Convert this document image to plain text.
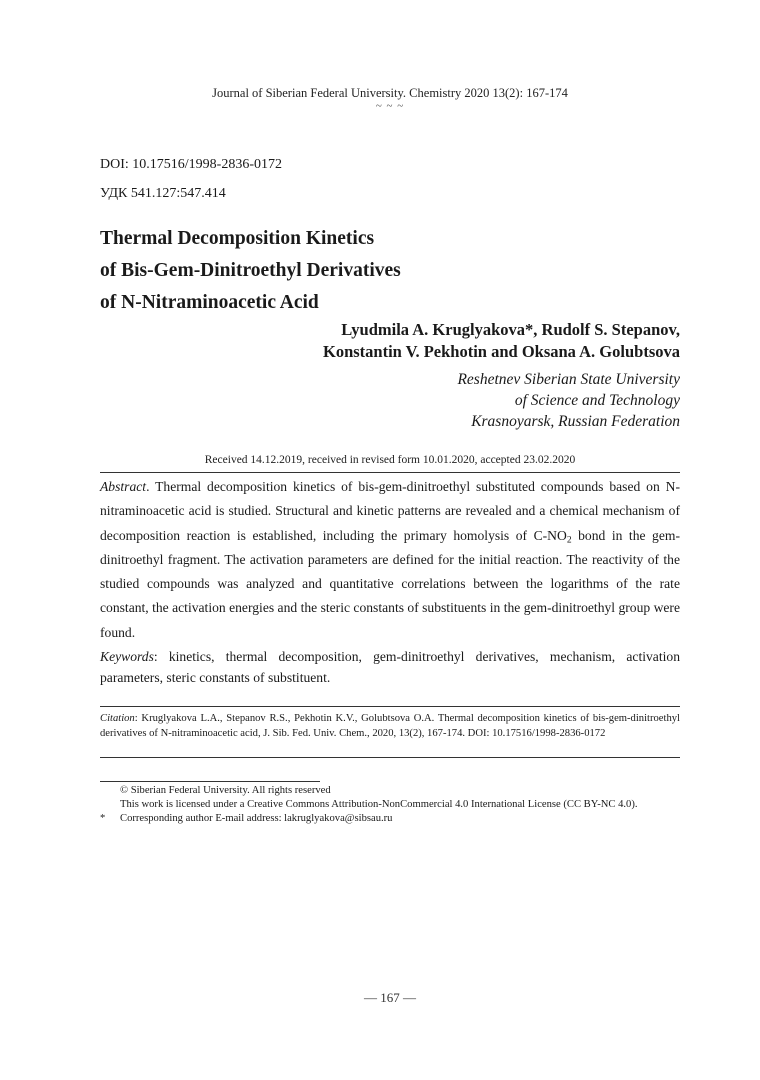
Journal of Siberian Federal University. Chemistry 2020 13(2): 167-174
~ ~ ~
DOI: 10.17516/1998-2836-0172
УДК 541.127:547.414
Thermal Decomposition Kinetics
of Bis-Gem-Dinitroethyl Derivatives
of N-Nitraminoacetic Acid
Lyudmila A. Kruglyakova*, Rudolf S. Stepanov,
Konstantin V. Pekhotin and Oksana A. Golubtsova
Reshetnev Siberian State University
of Science and Technology
Krasnoyarsk, Russian Federation
Received 14.12.2019, received in revised form 10.01.2020, accepted 23.02.2020
Abstract. Thermal decomposition kinetics of bis-gem-dinitroethyl substituted compounds based on N-nitraminoacetic acid is studied. Structural and kinetic patterns are revealed and a chemical mechanism of decomposition reaction is established, including the primary homolysis of $C-NO_2$ bond in the gem-dinitroethyl fragment. The activation parameters are defined for the initial reaction. The reactivity of the studied compounds was analyzed and quantitative correlations between the logarithms of the rate constant, the activation energies and the steric constants of substituents in the gem-dinitroethyl group were found.
Keywords: kinetics, thermal decomposition, gem-dinitroethyl derivatives, mechanism, activation parameters, steric constants of substituent.
Citation: Kruglyakova L.A., Stepanov R.S., Pekhotin K.V., Golubtsova O.A. Thermal decomposition kinetics of bis-gem-dinitroethyl derivatives of N-nitraminoacetic acid, J. Sib. Fed. Univ. Chem., 2020, 13(2), 167-174. DOI: 10.17516/1998-2836-0172
© Siberian Federal University. All rights reserved
This work is licensed under a Creative Commons Attribution-NonCommercial 4.0 International License (CC BY-NC 4.0).
*	Corresponding author E-mail address: lakruglyakova@sibsau.ru
— 167 —
